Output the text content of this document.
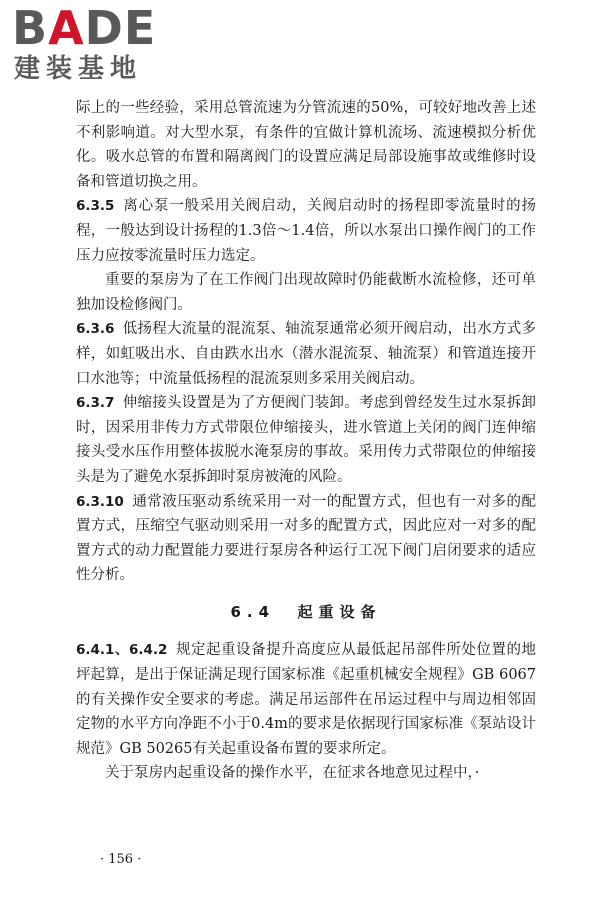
BADE
建装基地

际上的一些经验，采用总管流速为分管流速的50%，可较好地改善上述不利影响道。对大型水泵，有条件的宜做计算机流场、流速模拟分析优化。吸水总管的布置和隔离阀门的设置应满足局部设施事故或维修时设备和管道切换之用。

6.3.5 离心泵一般采用关阀启动，关阀启动时的扬程即零流量时的扬程，一般达到设计扬程的1.3倍～1.4倍，所以水泵出口操作阀门的工作压力应按零流量时压力选定。

重要的泵房为了在工作阀门出现故障时仍能截断水流检修，还可单独加设检修阀门。

6.3.6 低扬程大流量的混流泵、轴流泵通常必须开阀启动，出水方式多样，如虹吸出水、自由跌水出水（潜水混流泵、轴流泵）和管道连接开口水池等；中流量低扬程的混流泵则多采用关阀启动。

6.3.7 伸缩接头设置是为了方便阀门装卸。考虑到曾经发生过水泵拆卸时，因采用非传力方式带限位伸缩接头，进水管道上关闭的阀门连伸缩接头受水压作用整体拔脱水淹泵房的事故。采用传力式带限位的伸缩接头是为了避免水泵拆卸时泵房被淹的风险。

6.3.10 通常液压驱动系统采用一对一的配置方式，但也有一对多的配置方式，压缩空气驱动则采用一对多的配置方式，因此应对一对多的配置方式的动力配置能力要进行泵房各种运行工况下阀门启闭要求的适应性分析。

6.4 起重设备

6.4.1、6.4.2 规定起重设备提升高度应从最低起吊部件所处位置的地坪起算，是出于保证满足现行国家标准《起重机械安全规程》GB 6067的有关操作安全要求的考虑。满足吊运部件在吊运过程中与周边相邻固定物的水平方向净距不小于0.4m的要求是依据现行国家标准《泵站设计规范》GB 50265有关起重设备布置的要求所定。

关于泵房内起重设备的操作水平，在征求各地意见过程中，·

· 156 ·
